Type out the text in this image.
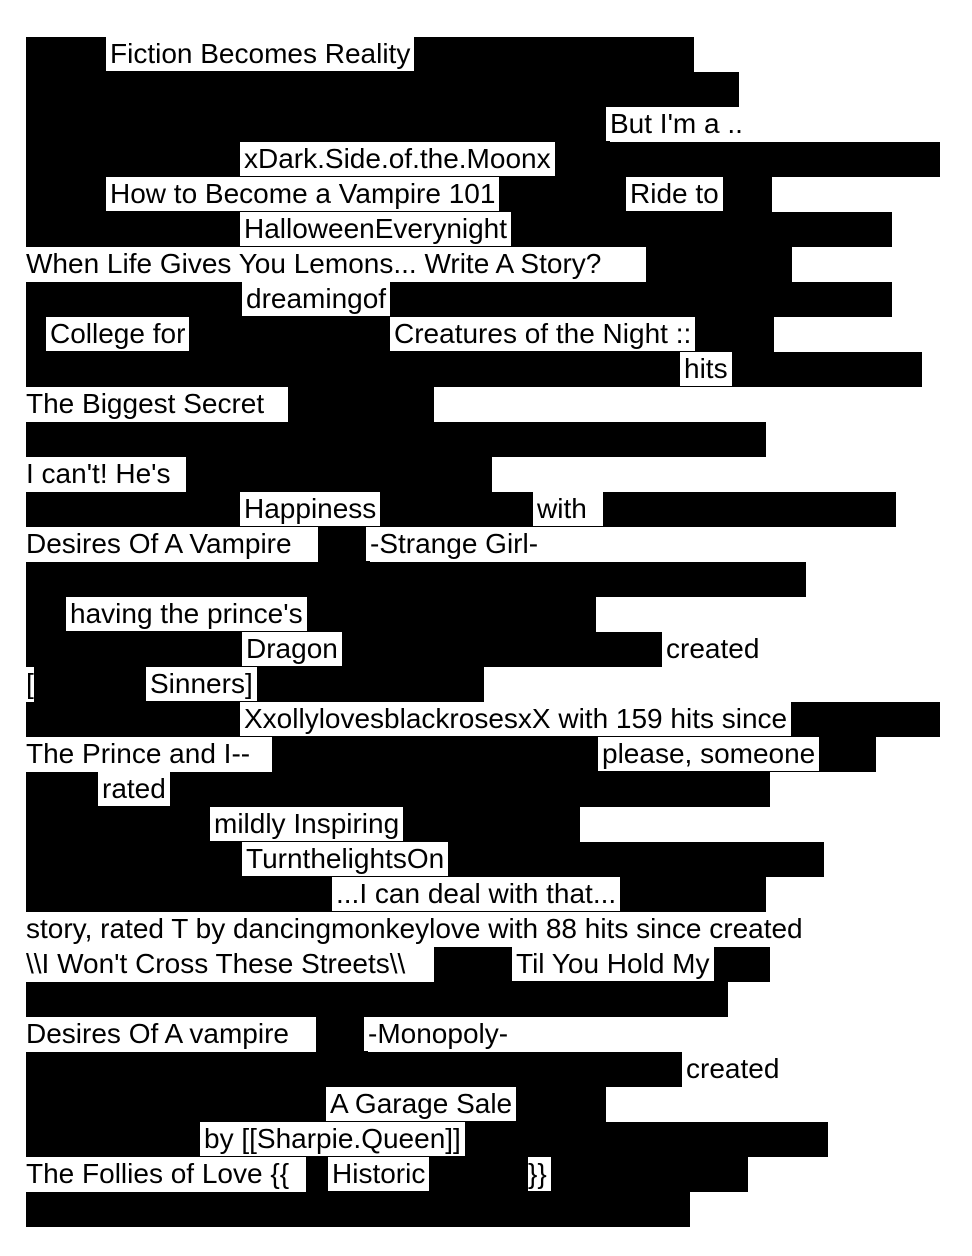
Fiction Becomes Reality
But I'm a ..
xDark.Side.of.the.Moonx
How to Become a Vampire 101	Ride to
HalloweenEverynight
When Life Gives You Lemons... Write A Story?
dreamingof
College for	Creatures of the Night ::
hits
The Biggest Secret
I can't! He's
Happiness	with
Desires Of A Vampire	-Strange Girl-
having the prince's
Dragon	created
[	Sinners]
XxollylovesblackrosesxX with 159 hits since
The Prince and I--	please, someone
rated
mildly Inspiring
TurnthelightsOn
...I can deal with that...
story, rated T by dancingmonkeylove with 88 hits since created
\\I Won't Cross These Streets\\	Til You Hold My
Desires Of A vampire	-Monopoly-
created
A Garage Sale
by [[Sharpie.Queen]]
The Follies of Love {{ Historic	}}
